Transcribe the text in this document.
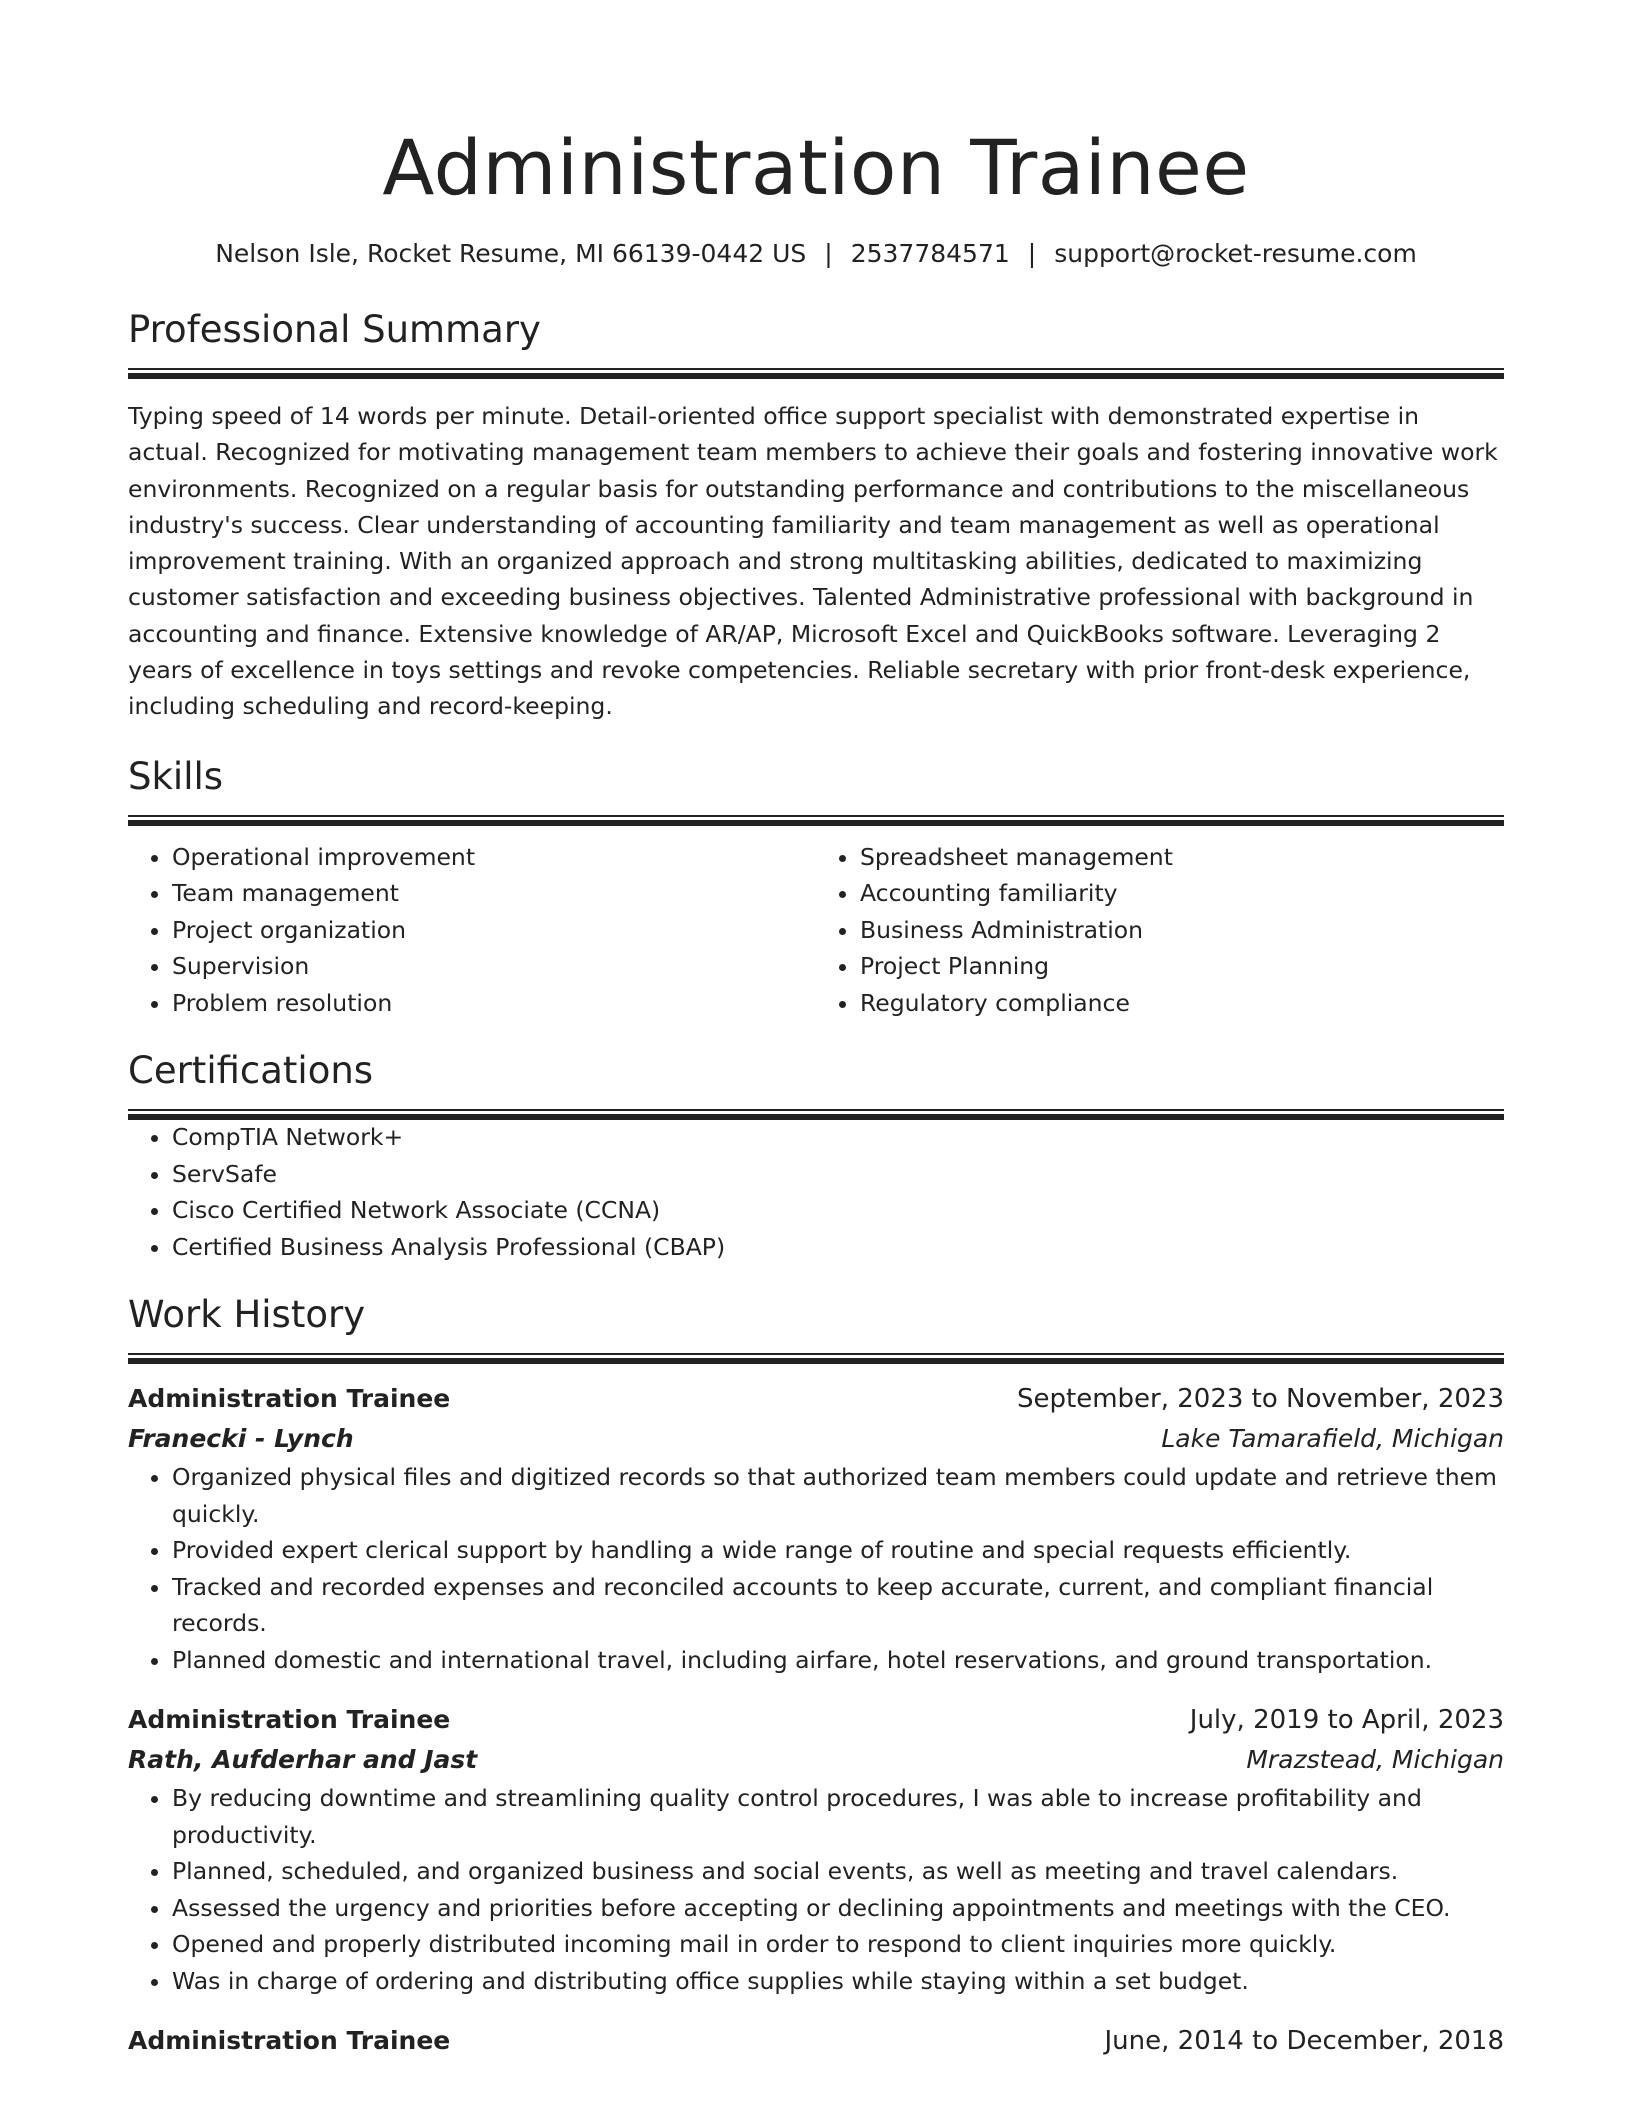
Administration Trainee
Nelson Isle, Rocket Resume, MI 66139-0442 US | 2537784571 | support@rocket-resume.com
Professional Summary

Typing speed of 14 words per minute. Detail-oriented office support specialist with demonstrated expertise in actual. Recognized for motivating management team members to achieve their goals and fostering innovative work environments. Recognized on a regular basis for outstanding performance and contributions to the miscellaneous industry's success. Clear understanding of accounting familiarity and team management as well as operational improvement training. With an organized approach and strong multitasking abilities, dedicated to maximizing customer satisfaction and exceeding business objectives. Talented Administrative professional with background in accounting and finance. Extensive knowledge of AR/AP, Microsoft Excel and QuickBooks software. Leveraging 2 years of excellence in toys settings and revoke competencies. Reliable secretary with prior front-desk experience, including scheduling and record-keeping.

Skills
• Operational improvement
• Team management
• Project organization
• Supervision
• Problem resolution
• Spreadsheet management
• Accounting familiarity
• Business Administration
• Project Planning
• Regulatory compliance
Certifications
• CompTIA Network+
• ServSafe
• Cisco Certified Network Associate (CCNA)
• Certified Business Analysis Professional (CBAP)
Work History
Administration Trainee	September, 2023 to November, 2023
Franecki - Lynch	Lake Tamarafield, Michigan
• Organized physical files and digitized records so that authorized team members could update and retrieve them quickly.
• Provided expert clerical support by handling a wide range of routine and special requests efficiently.
• Tracked and recorded expenses and reconciled accounts to keep accurate, current, and compliant financial records.
• Planned domestic and international travel, including airfare, hotel reservations, and ground transportation.
Administration Trainee	July, 2019 to April, 2023
Rath, Aufderhar and Jast	Mrazstead, Michigan
• By reducing downtime and streamlining quality control procedures, I was able to increase profitability and productivity.
• Planned, scheduled, and organized business and social events, as well as meeting and travel calendars.
• Assessed the urgency and priorities before accepting or declining appointments and meetings with the CEO.
• Opened and properly distributed incoming mail in order to respond to client inquiries more quickly.
• Was in charge of ordering and distributing office supplies while staying within a set budget.
Administration Trainee	June, 2014 to December, 2018
